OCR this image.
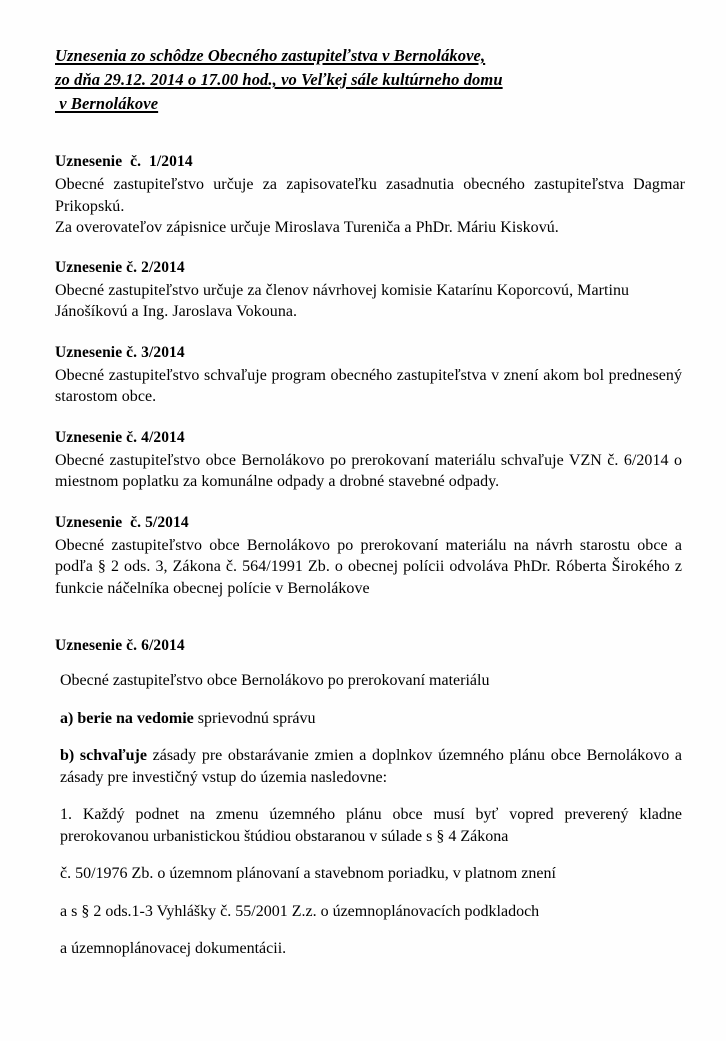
Uznesenia zo schôdze Obecného zastupiteľstva v Bernolákove,
zo dňa 29.12. 2014 o 17.00 hod., vo Veľkej sále kultúrneho domu
v Bernolákove
Uznesenie  č.  1/2014

Obecné zastupiteľstvo určuje za zapisovateľku zasadnutia obecného zastupiteľstva Dagmar Prikopskú.

Za overovateľov zápisnice určuje Miroslava Tureniča a PhDr. Máriu Kiskovú.

Uznesenie č. 2/2014

Obecné zastupiteľstvo určuje za členov návrhovej komisie Katarínu Koporcovú, Martinu Jánošíkovú a Ing. Jaroslava Vokouna.

Uznesenie č. 3/2014

Obecné zastupiteľstvo schvaľuje program obecného zastupiteľstva v znení akom bol prednesený starostom obce.

Uznesenie č. 4/2014

Obecné zastupiteľstvo obce Bernolákovo po prerokovaní materiálu schvaľuje VZN č. 6/2014 o miestnom poplatku za komunálne odpady a drobné stavebné odpady.

Uznesenie  č. 5/2014

Obecné zastupiteľstvo obce Bernolákovo po prerokovaní materiálu na návrh starostu obce a podľa § 2 ods. 3, Zákona č. 564/1991 Zb. o obecnej polícii odvoláva PhDr. Róberta Širokého z funkcie náčelníka obecnej polície v Bernolákove

Uznesenie č. 6/2014

Obecné zastupiteľstvo obce Bernolákovo po prerokovaní materiálu

a) berie na vedomie sprievodnú správu

b) schvaľuje zásady pre obstarávanie zmien a doplnkov územného plánu obce Bernolákovo a zásady pre investičný vstup do územia nasledovne:

1. Každý podnet na zmenu územného plánu obce musí byť vopred preverený kladne prerokovanou urbanistickou štúdiou obstaranou v súlade s § 4 Zákona

č. 50/1976 Zb. o územnom plánovaní a stavebnom poriadku, v platnom znení

a s § 2 ods.1-3 Vyhlášky č. 55/2001 Z.z. o územnoplánovacích podkladoch

a územnoplánovacej dokumentácii.
